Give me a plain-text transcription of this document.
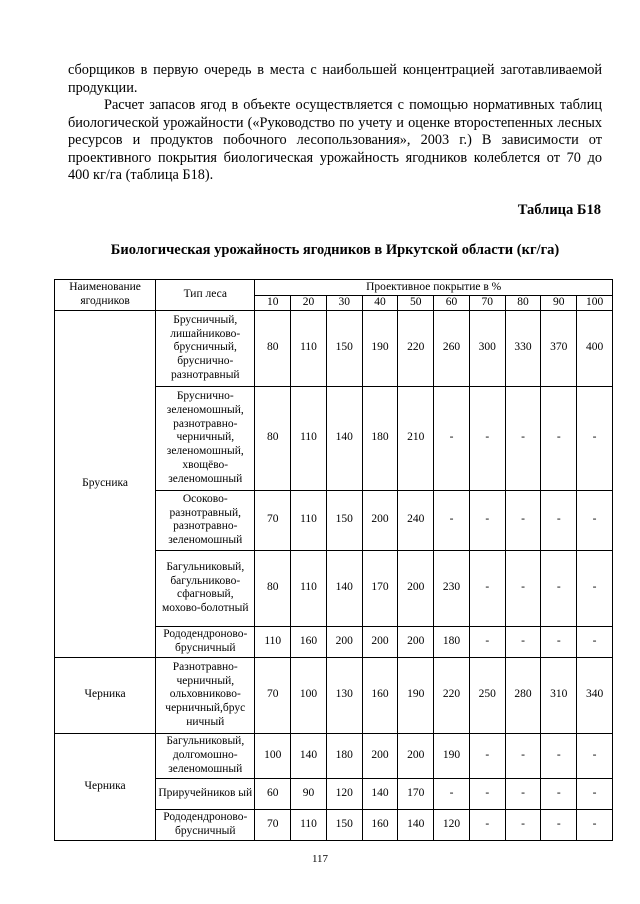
сборщиков в первую очередь в места с наибольшей концентрацией заготавливаемой продукции.

Расчет запасов ягод в объекте осуществляется с помощью нормативных таблиц биологической урожайности («Руководство по учету и оценке второстепенных лесных ресурсов и продуктов побочного лесопользования», 2003 г.) В зависимости от проективного покрытия биологическая урожайность ягодников колеблется от 70 до 400 кг/га (таблица Б18).

Таблица Б18
Биологическая урожайность ягодников в Иркутской области (кг/га)
Наименование ягодников	Тип леса	Проективное покрытие в %									
		10	20	30	40	50	60	70	80	90	100
Брусника	Брусничный, лишайниково-брусничный, бруснично-разнотравный	80	110	150	190	220	260	300	330	370	400
	Бруснично-зеленомошный, разнотравно-черничный, зеленомошный, хвощёво-зеленомошный	80	110	140	180	210	-	-	-	-	-
	Осоково-разнотравный, разнотравно-зеленомошный	70	110	150	200	240	-	-	-	-	-
	Багульниковый, багульниково-сфагновый, мохово-болотный	80	110	140	170	200	230	-	-	-	-
	Рододендроново-брусничный	110	160	200	200	200	180	-	-	-	-
Черника	Разнотравно-черничный, ольховниково-черничный,брус ничный	70	100	130	160	190	220	250	280	310	340
Черника	Багульниковый, долгомошно-зеленомошный	100	140	180	200	200	190	-	-	-	-
	Приручейников ый	60	90	120	140	170	-	-	-	-	-
	Рододендроново-брусничный	70	110	150	160	140	120	-	-	-	-
117
